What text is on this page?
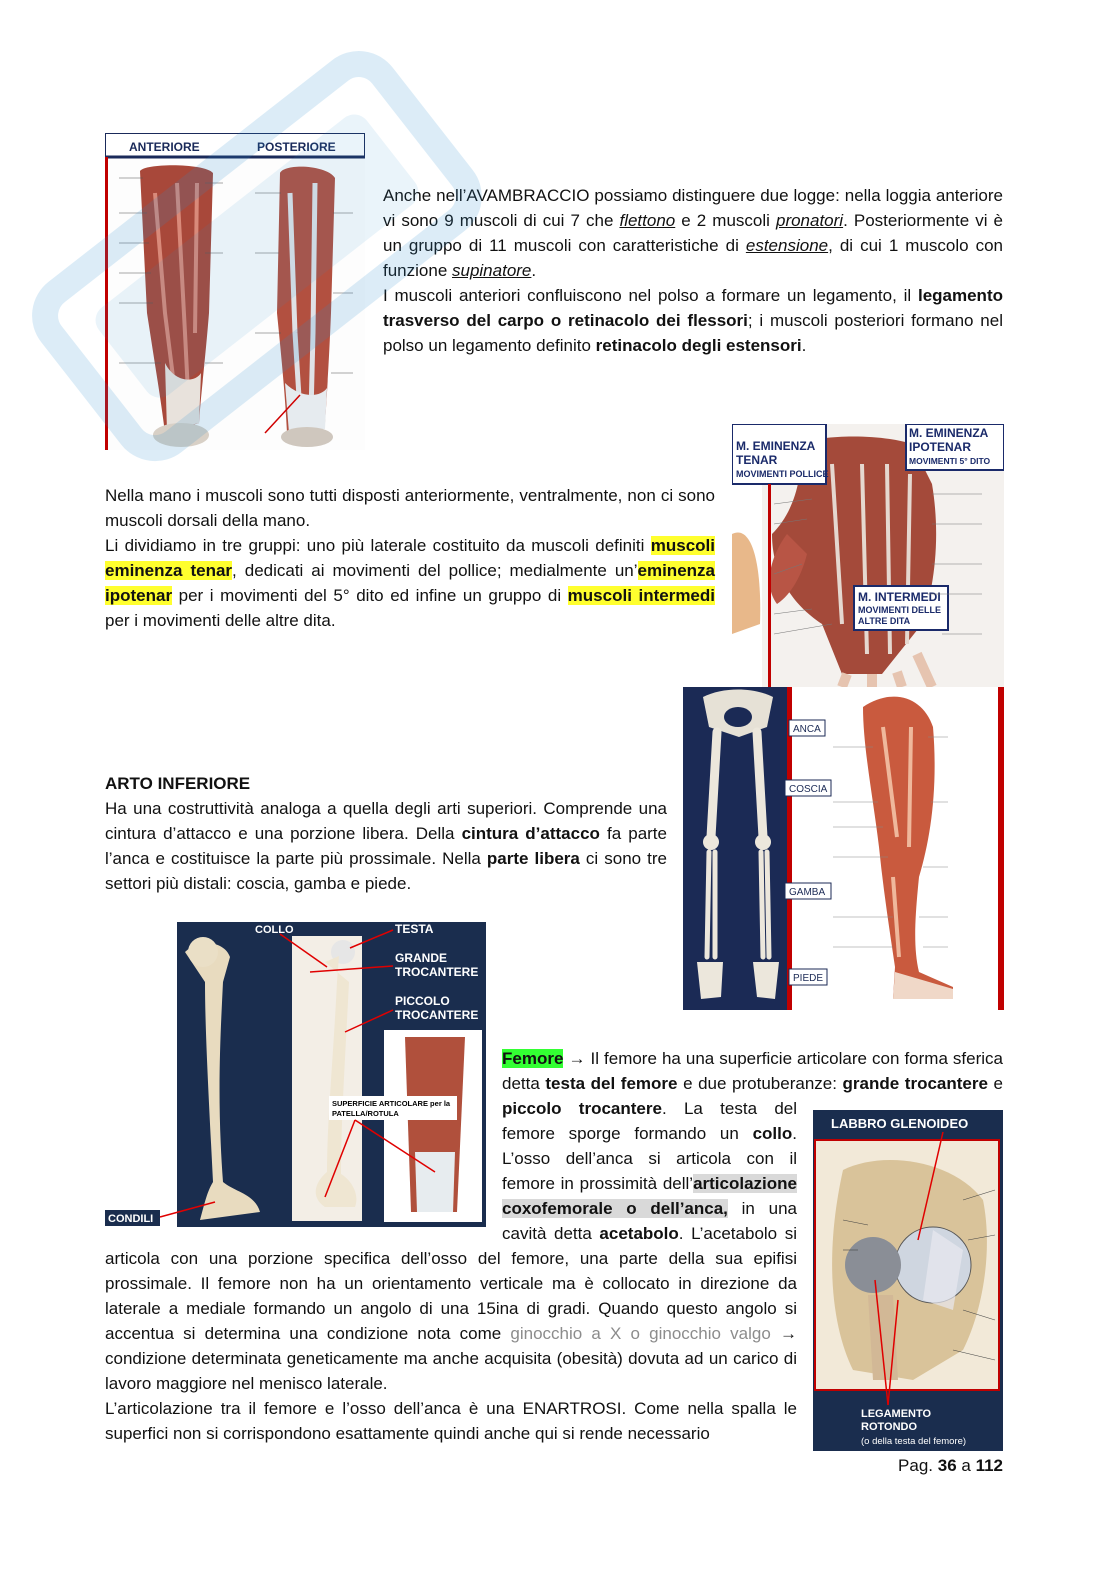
ANTERIORE	POSTERIORE
Anche nell’AVAMBRACCIO possiamo distinguere due logge: nella loggia anteriore vi sono 9 muscoli di cui 7 che flettono e 2 muscoli pronatori. Posteriormente vi è un gruppo di 11 muscoli con caratteristiche di estensione, di cui 1 muscolo con funzione supinatore.
I muscoli anteriori confluiscono nel polso a formare un legamento, il legamento trasverso del carpo o retinacolo dei flessori; i muscoli posteriori formano nel polso un legamento definito retinacolo degli estensori.
M. EMINENZA
TENAR
MOVIMENTI POLLICE
M. EMINENZA
IPOTENAR
MOVIMENTI 5° DITO
M. INTERMEDI
MOVIMENTI DELLE
ALTRE DITA
Nella mano i muscoli sono tutti disposti anteriormente, ventralmente, non ci sono muscoli dorsali della mano.
Li dividiamo in tre gruppi: uno più laterale costituito da muscoli definiti muscoli eminenza tenar, dedicati ai movimenti del pollice; medialmente un’eminenza ipotenar per i movimenti del 5° dito ed infine un gruppo di muscoli intermedi per i movimenti delle altre dita.
ANCA
COSCIA
GAMBA
PIEDE
ARTO INFERIORE
Ha una costruttività analoga a quella degli arti superiori. Comprende una cintura d’attacco e una porzione libera. Della cintura d’attacco fa parte l’anca e costituisce la parte più prossimale. Nella parte libera ci sono tre settori più distali: coscia, gamba e piede.
COLLO	TESTA
GRANDE
TROCANTERE
PICCOLO
TROCANTERE
SUPERFICIE ARTICOLARE per la
PATELLA/ROTULA
CONDILI
Femore → Il femore ha una superficie articolare con forma sferica detta testa del femore e due protuberanze: grande trocantere e piccolo trocantere. La testa del femore sporge formando un collo. L’osso dell’anca si articola con il femore in prossimità dell’articolazione coxofemorale o dell’anca, in una cavità detta acetabolo. L’acetabolo si articola con una porzione specifica dell’osso del femore, una parte della sua epifisi prossimale. Il femore non ha un orientamento verticale ma è collocato in direzione da laterale a mediale formando un angolo di una 15ina di gradi. Quando questo angolo si accentua si determina una condizione nota come ginocchio a X o ginocchio valgo → condizione determinata geneticamente ma anche acquisita (obesità) dovuta ad un carico di lavoro maggiore nel menisco laterale.
L’articolazione tra il femore e l’osso dell’anca è una ENARTROSI. Come nella spalla le superfici non si corrispondono esattamente quindi anche qui si rende necessario
LABBRO GLENOIDEO
LEGAMENTO
ROTONDO
(o della testa del femore)
Pag. 36 a 112
